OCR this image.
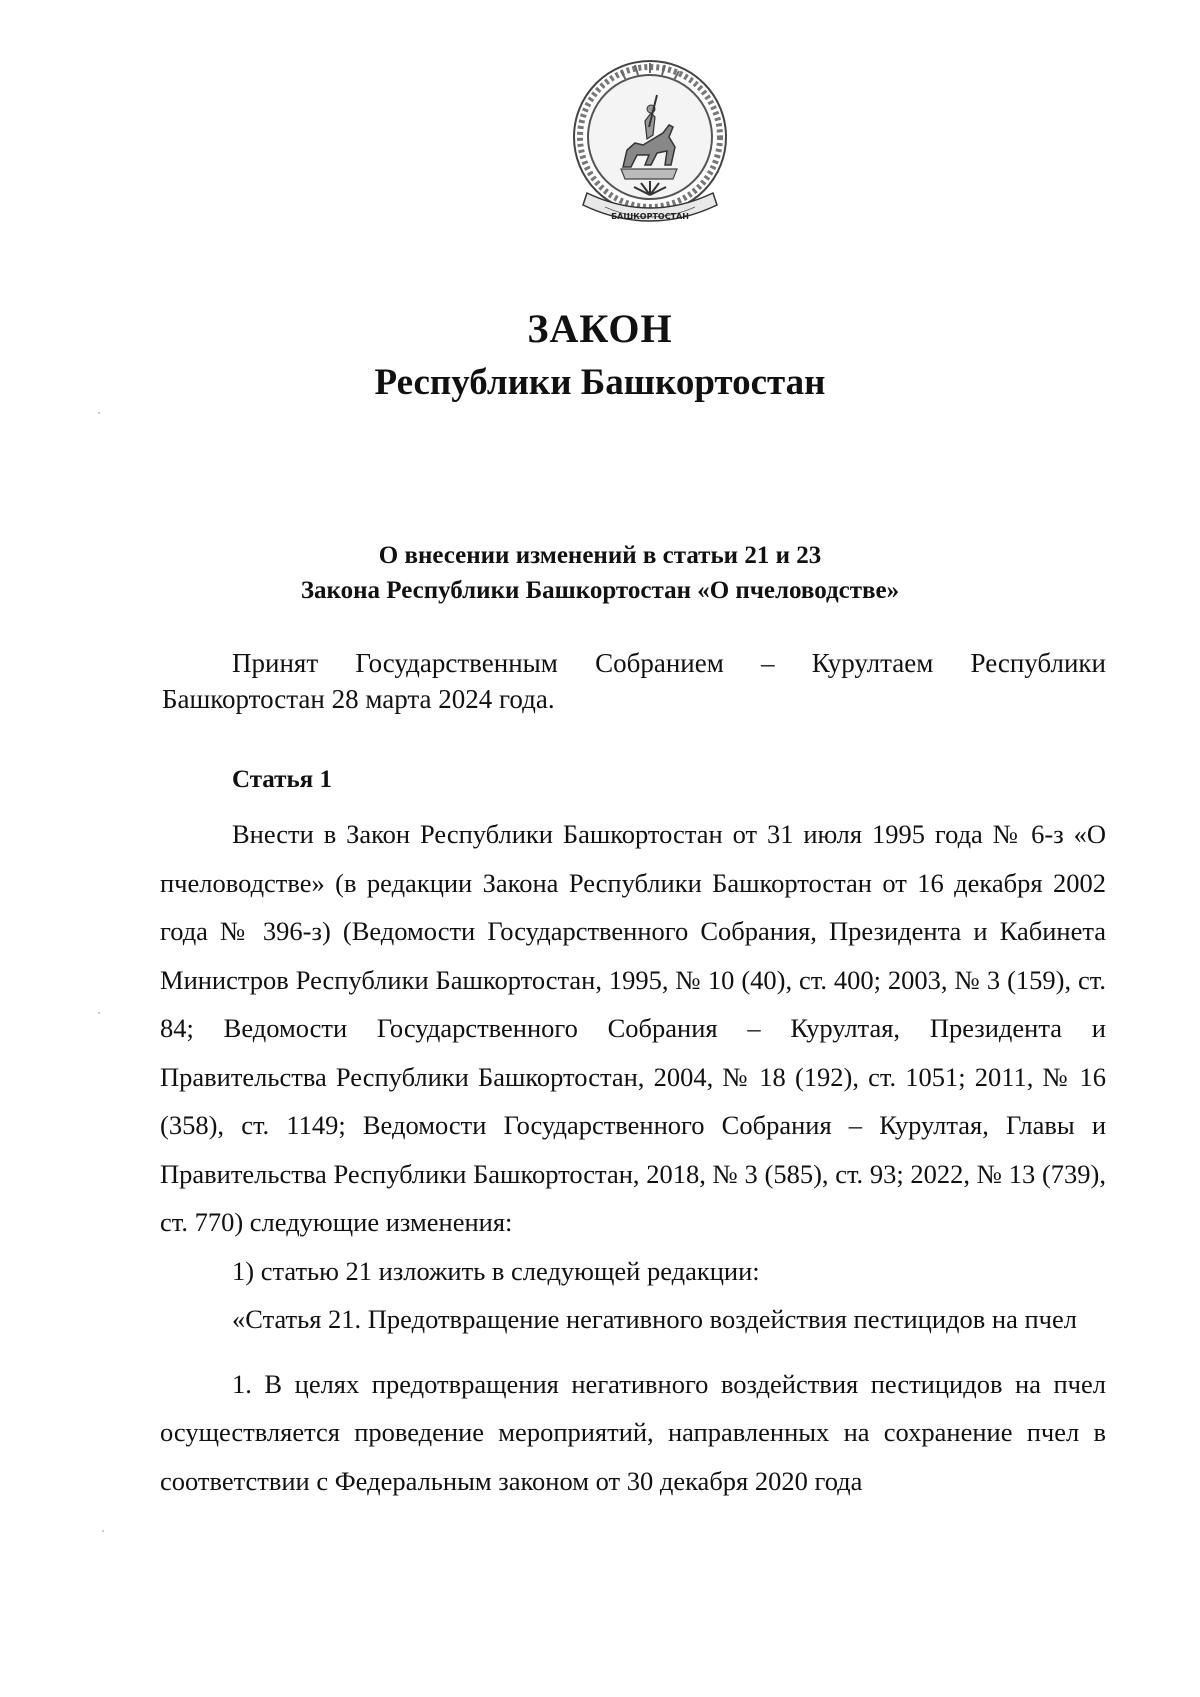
БАШКОРТОСТАН
ЗАКОН
Республики Башкортостан
О внесении изменений в статьи 21 и 23
Закона Республики Башкортостан «О пчеловодстве»
Принят Государственным Собранием – Курултаем Республики Башкортостан 28 марта 2024 года.
Статья 1

Внести в Закон Республики Башкортостан от 31 июля 1995 года № 6-з «О пчеловодстве» (в редакции Закона Республики Башкортостан от 16 декабря 2002 года № 396-з) (Ведомости Государственного Собрания, Президента и Кабинета Министров Республики Башкортостан, 1995, № 10 (40), ст. 400; 2003, № 3 (159), ст. 84; Ведомости Государственного Собрания – Курултая, Президента и Правительства Республики Башкортостан, 2004, № 18 (192), ст. 1051; 2011, № 16 (358), ст. 1149; Ведомости Государственного Собрания – Курултая, Главы и Правительства Республики Башкортостан, 2018, № 3 (585), ст. 93; 2022, № 13 (739), ст. 770) следующие изменения:

1) статью 21 изложить в следующей редакции:

«Статья 21. Предотвращение негативного воздействия пестицидов на пчел

1. В целях предотвращения негативного воздействия пестицидов на пчел осуществляется проведение мероприятий, направленных на сохранение пчел в соответствии с Федеральным законом от 30 декабря 2020 года
